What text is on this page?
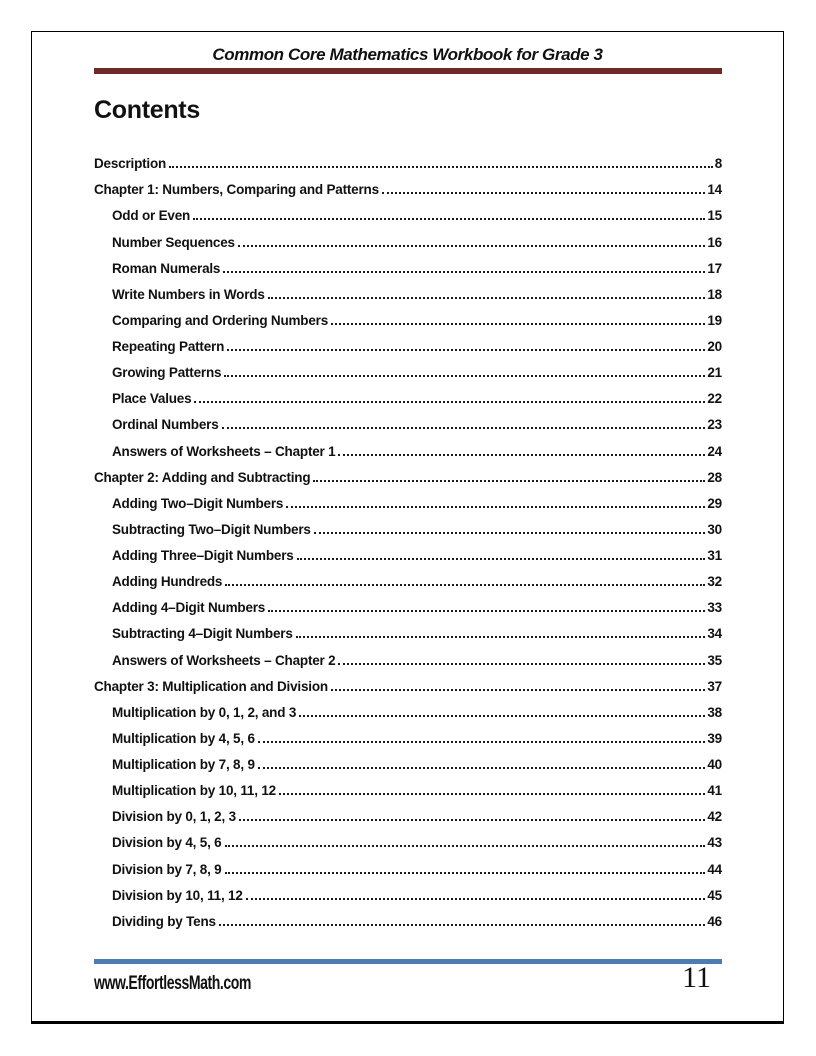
Common Core Mathematics Workbook for Grade 3
Contents
Description	8
Chapter 1: Numbers, Comparing and Patterns	14
Odd or Even	15
Number Sequences	16
Roman Numerals	17
Write Numbers in Words	18
Comparing and Ordering Numbers	19
Repeating Pattern	20
Growing Patterns	21
Place Values	22
Ordinal Numbers	23
Answers of Worksheets – Chapter 1	24
Chapter 2: Adding and Subtracting	28
Adding Two–Digit Numbers	29
Subtracting Two–Digit Numbers	30
Adding Three–Digit Numbers	31
Adding Hundreds	32
Adding 4–Digit Numbers	33
Subtracting 4–Digit Numbers	34
Answers of Worksheets – Chapter 2	35
Chapter 3: Multiplication and Division	37
Multiplication by 0, 1, 2, and 3	38
Multiplication by 4, 5, 6	39
Multiplication by 7, 8, 9	40
Multiplication by 10, 11, 12	41
Division by 0, 1, 2, 3	42
Division by 4, 5, 6	43
Division by 7, 8, 9	44
Division by 10, 11, 12	45
Dividing by Tens	46
www.EffortlessMath.com	11
